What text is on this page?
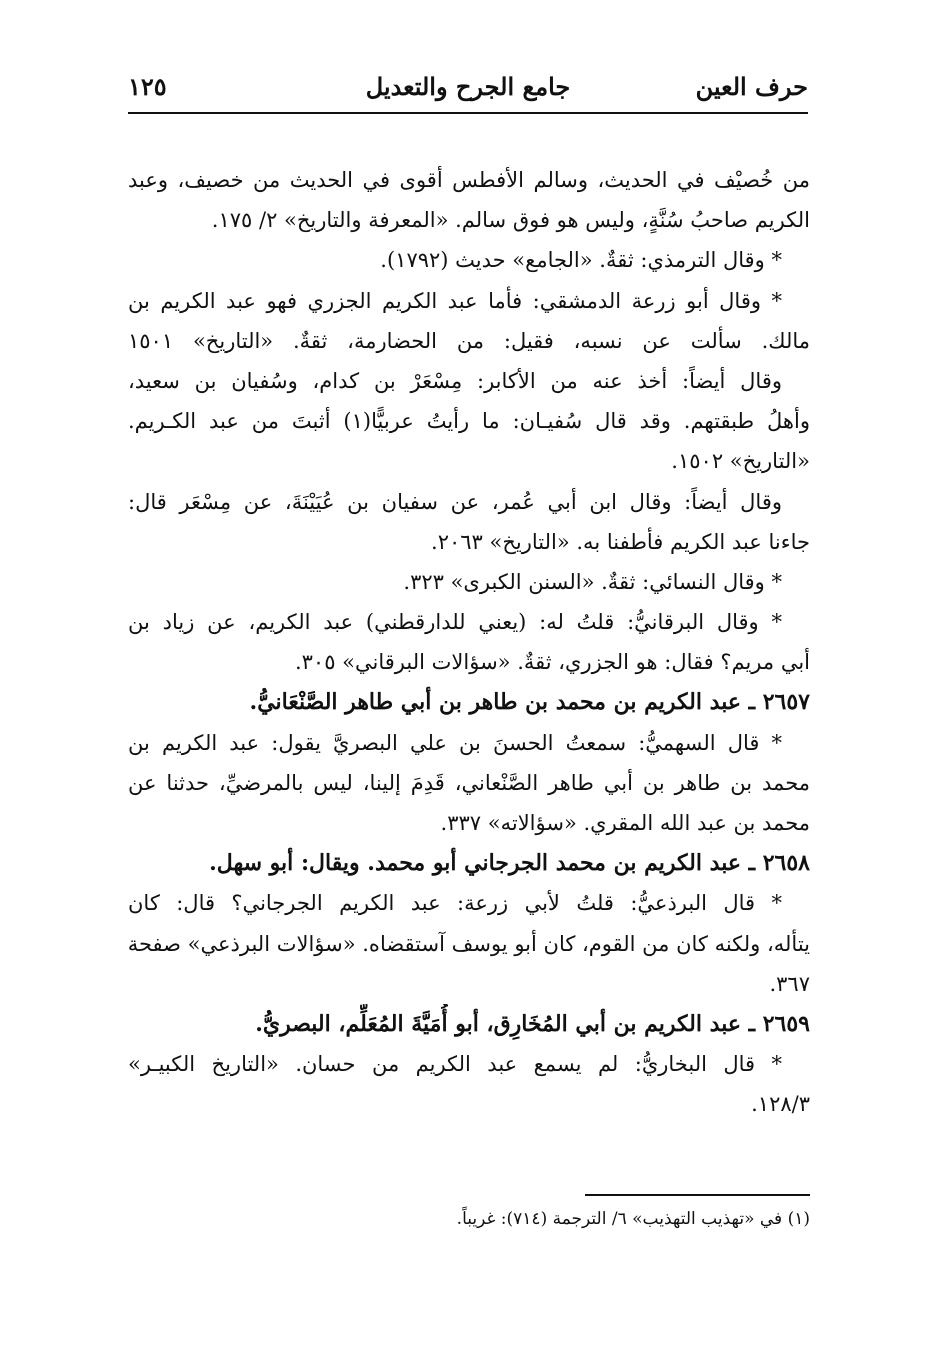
حرف العين
جامع الجرح والتعديل
١٢٥
من خُصيْف في الحديث، وسالم الأفطس أقوى في الحديث من خصيف، وعبد
الكريم صاحبُ سُنَّةٍ، وليس هو فوق سالم. «المعرفة والتاريخ» ٢/ ١٧٥.
* وقال الترمذي: ثقةٌ. «الجامع» حديث (١٧٩٢).
* وقال أبو زرعة الدمشقي: فأما عبد الكريم الجزري فهو عبد الكريم بن
مالك. سألت عن نسبه، فقيل: من الحضارمة، ثقةٌ. «التاريخ» ١٥٠١
وقال أيضاً: أخذ عنه من الأكابر: مِسْعَرْ بن كدام، وسُفيان بن سعيد،
وأهلُ طبقتهم. وقد قال سُفيـان: ما رأيتُ عربيًّا(١) أثبتَ من عبد الكـريم.
«التاريخ» ١٥٠٢.
وقال أيضاً: وقال ابن أبي عُمر، عن سفيان بن عُيَيْنَةَ، عن مِسْعَر قال:
جاءنا عبد الكريم فأطفنا به. «التاريخ» ٢٠٦٣.
* وقال النسائي: ثقةٌ. «السنن الكبرى» ٣٢٣.
* وقال البرقانيُّ: قلتُ له: (يعني للدارقطني) عبد الكريم، عن زياد بن
أبي مريم؟ فقال: هو الجزري، ثقةٌ. «سؤالات البرقاني» ٣٠٥.
٢٦٥٧ ـ عبد الكريم بن محمد بن طاهر بن أبي طاهر الصَّنْعَانيُّ.
* قال السهميُّ: سمعتُ الحسنَ بن علي البصريَّ يقول: عبد الكريم بن
محمد بن طاهر بن أبي طاهر الصَّنْعاني، قَدِمَ إلينا، ليس بالمرضيِّ، حدثنا عن
محمد بن عبد الله المقري. «سؤالاته» ٣٣٧.
٢٦٥٨ ـ عبد الكريم بن محمد الجرجاني أبو محمد. ويقال: أبو سهل.
* قال البرذعيُّ: قلتُ لأبي زرعة: عبد الكريم الجرجاني؟ قال: كان
يتأله، ولكنه كان من القوم، كان أبو يوسف آستقضاه. «سؤالات البرذعي» صفحة
٣٦٧.
٢٦٥٩ ـ عبد الكريم بن أبي المُخَارِق، أبو أُمَيَّةَ المُعَلِّم، البصريُّ.
* قال البخاريُّ: لم يسمع عبد الكريم من حسان. «التاريخ الكبيـر»
١٢٨/٣.
(١) في «تهذيب التهذيب» ٦/ الترجمة (٧١٤): غريباً.
